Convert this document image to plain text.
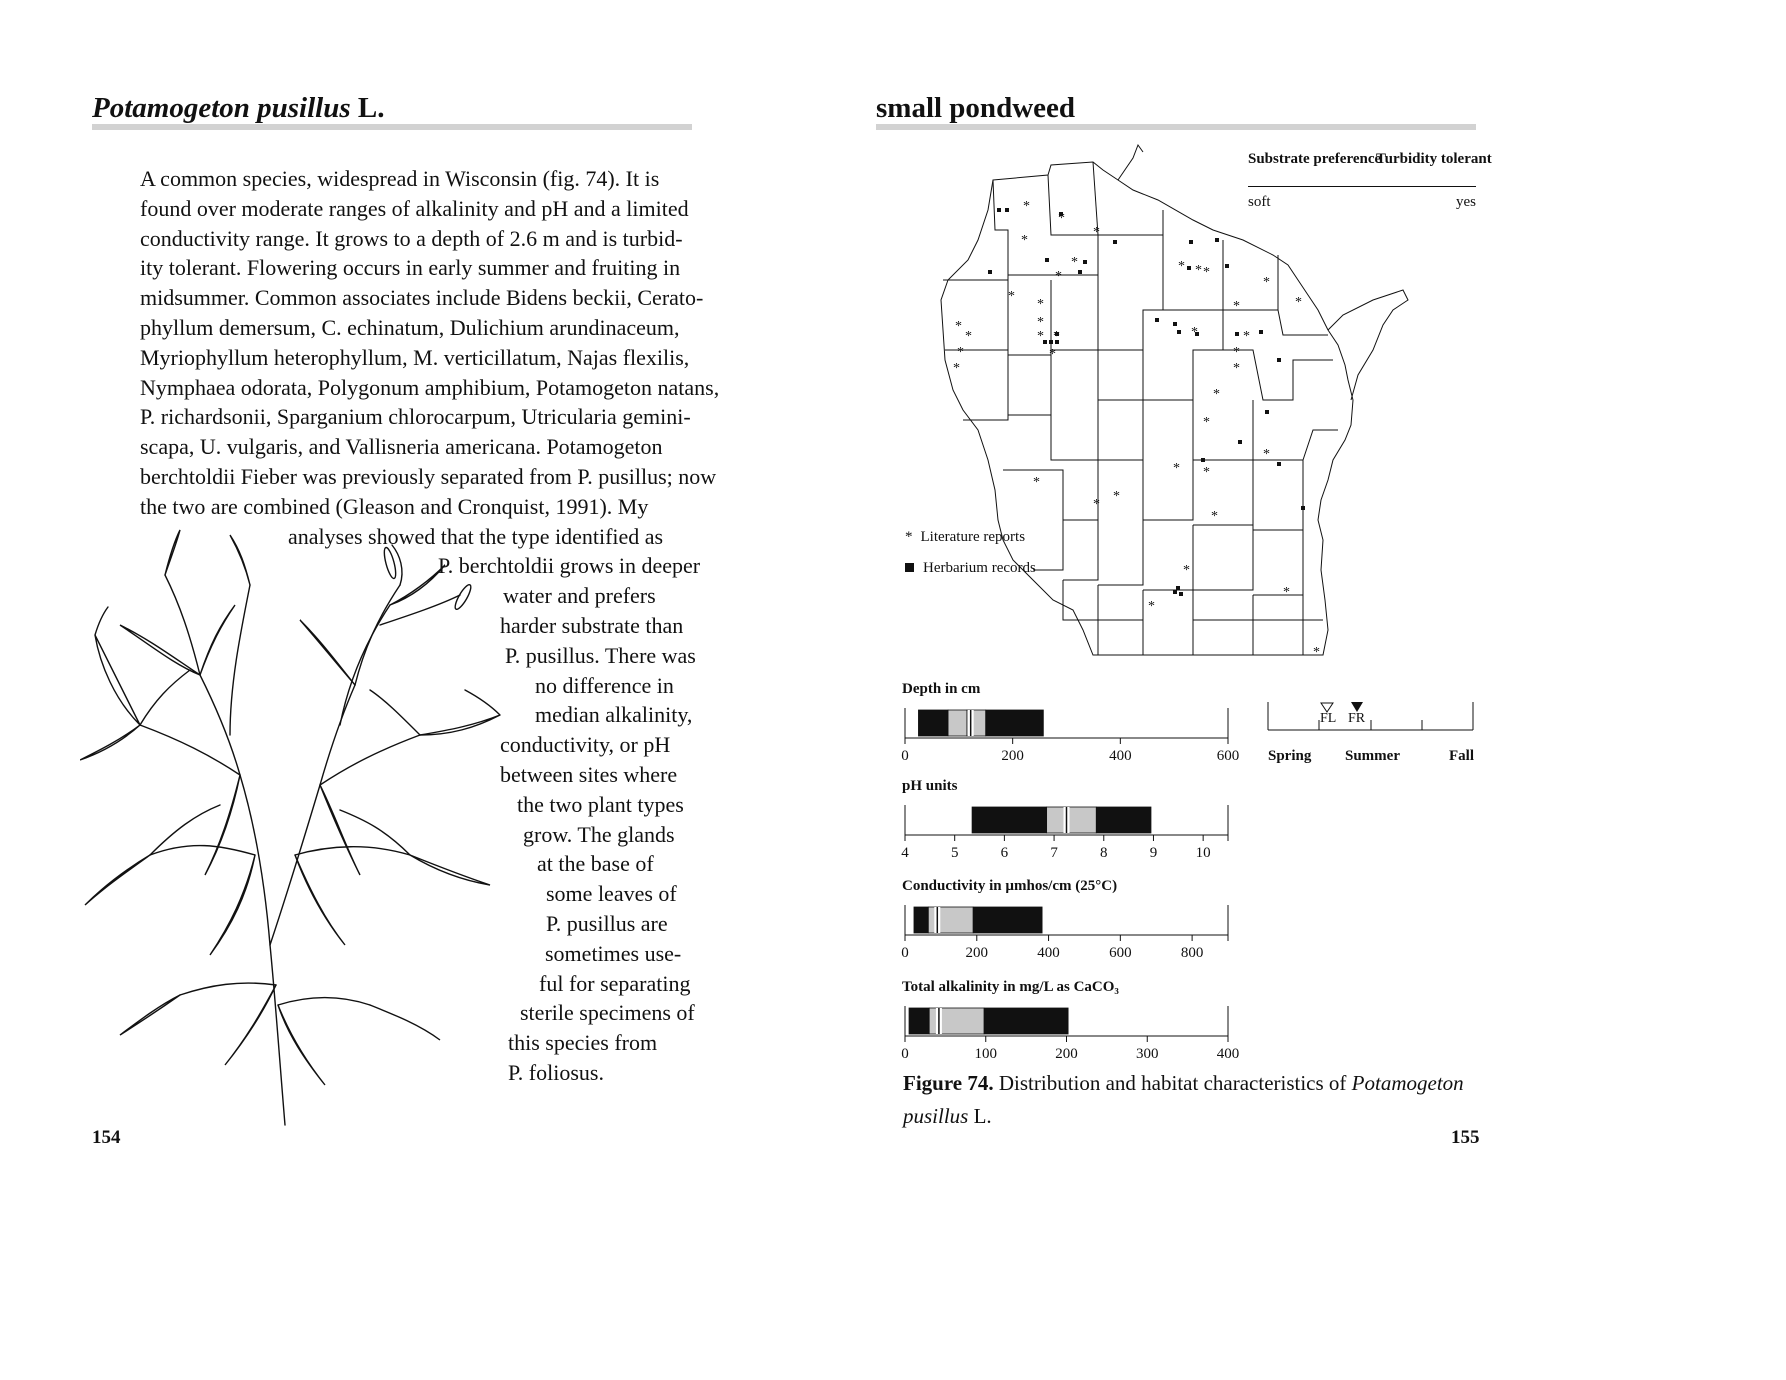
Potamogeton pusillus L.
A common species, widespread in Wisconsin (fig. 74). It is
found over moderate ranges of alkalinity and pH and a limited
conductivity range. It grows to a depth of 2.6 m and is turbid-
ity tolerant. Flowering occurs in early summer and fruiting in
midsummer. Common associates include Bidens beckii, Cerato-
phyllum demersum, C. echinatum, Dulichium arundinaceum,
Myriophyllum heterophyllum, M. verticillatum, Najas flexilis,
Nymphaea odorata, Polygonum amphibium, Potamogeton natans,
P. richardsonii, Sparganium chlorocarpum, Utricularia gemini-
scapa, U. vulgaris, and Vallisneria americana. Potamogeton
berchtoldii Fieber was previously separated from P. pusillus; now
the two are combined (Gleason and Cronquist, 1991). My
analyses showed that the type identified as
P. berchtoldii grows in deeper
water and prefers
harder substrate than
P. pusillus. There was
no difference in
median alkalinity,
conductivity, or pH
between sites where
the two plant types
grow. The glands
at the base of
some leaves of
P. pusillus are
sometimes use-
ful for separating
sterile specimens of
this species from
P. foliosus.
154
small pondweed
Substrate preference
Turbidity tolerant
soft	yes
*
*
*
*
*
*
*
*
*
* *
*
*
*
*
*
* * *
*
*	*
*
*
*
*
*
*
*
*
*
*
*
*
*
*
*
*
*
* Literature reports
Herbarium records
Depth in cm
0	200	400	600
pH units
4	5	6	7	8	9	10
Conductivity in µmhos/cm (25°C)
0	200	400	600	800
Total alkalinity in mg/L as CaCO₃
0	100	200	300	400
FL FR
Spring Summer	Fall
Figure 74. Distribution and habitat characteristics of Potamogeton pusillus L.
155
